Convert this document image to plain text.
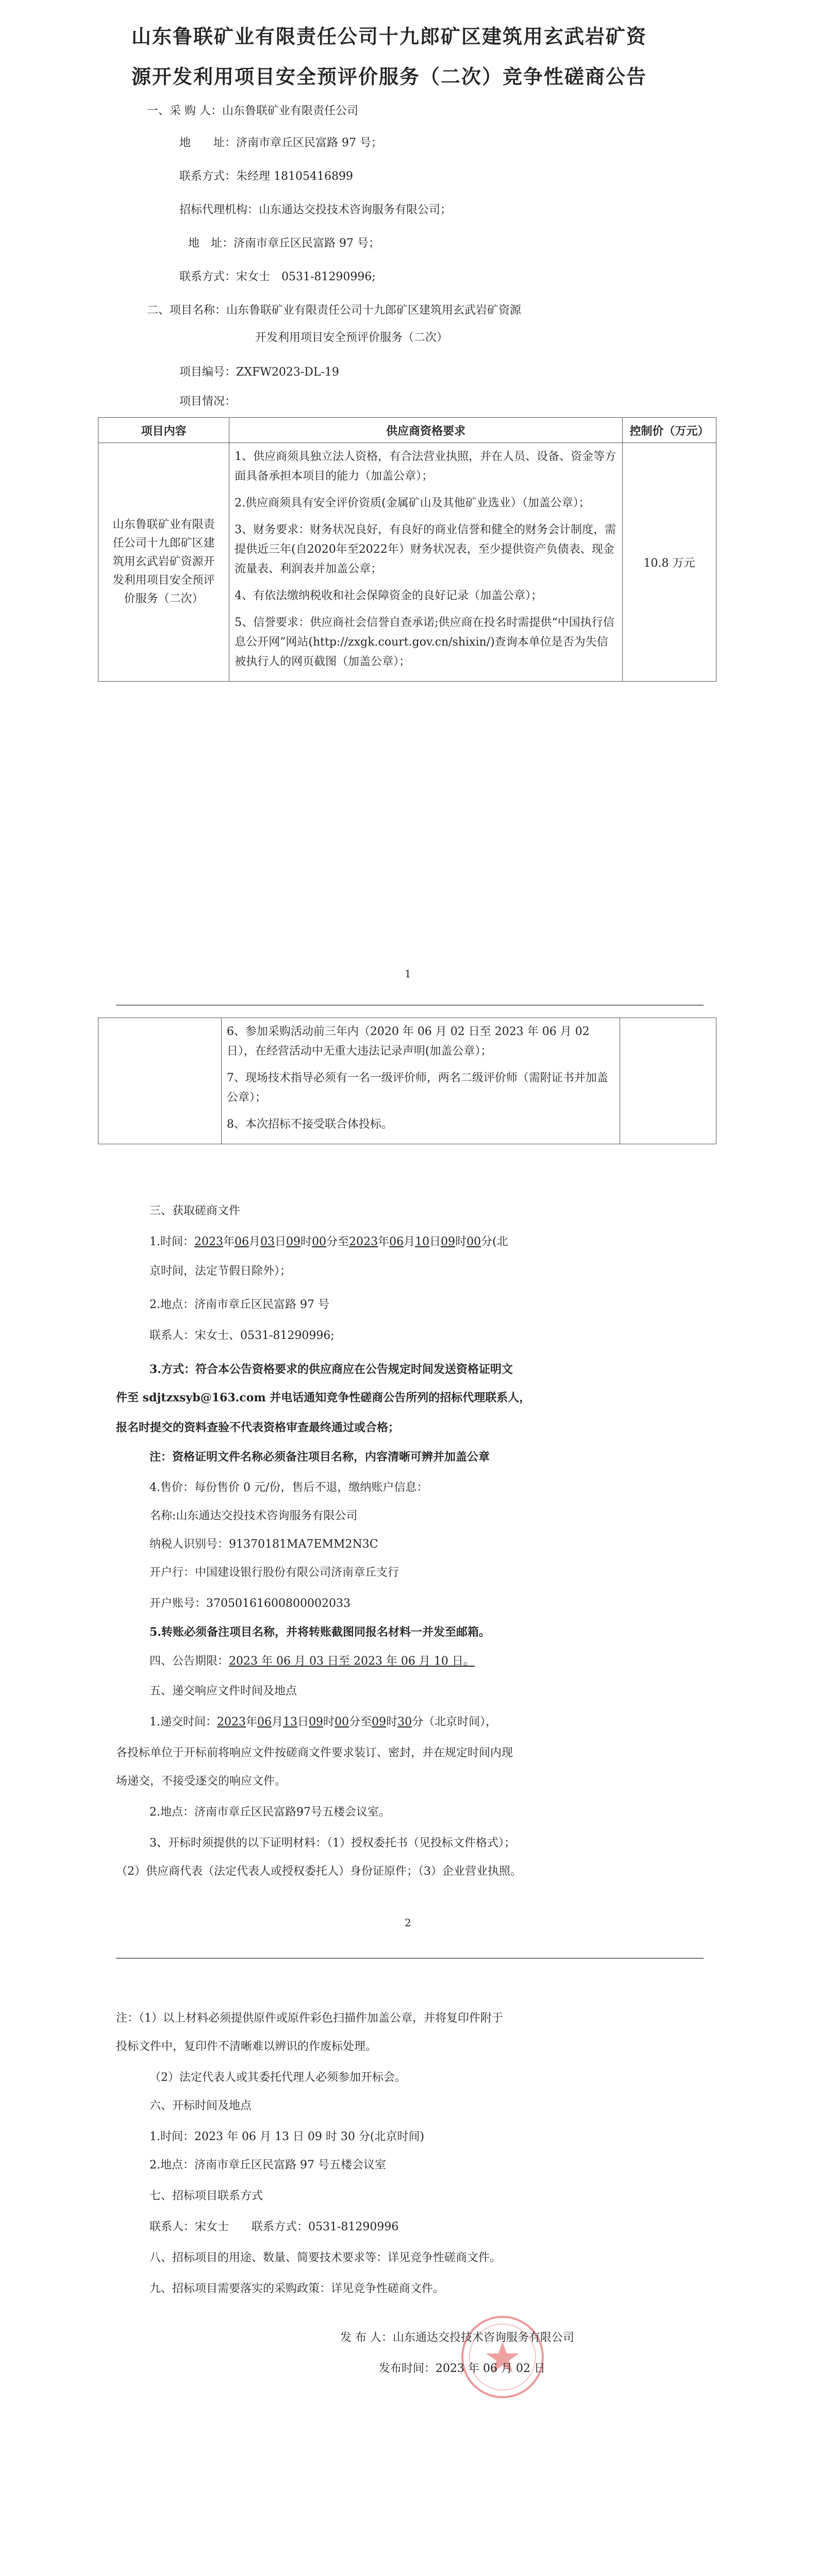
山东鲁联矿业有限责任公司十九郎矿区建筑用玄武岩矿资
源开发利用项目安全预评价服务（二次）竞争性磋商公告
一、采 购 人：山东鲁联矿业有限责任公司
地　　址：济南市章丘区民富路 97 号；
联系方式：朱经理 18105416899
招标代理机构：山东通达交投技术咨询服务有限公司；
地　址：济南市章丘区民富路 97 号；
联系方式：宋女士　0531-81290996;
二、项目名称：山东鲁联矿业有限责任公司十九郎矿区建筑用玄武岩矿资源
开发利用项目安全预评价服务（二次）
项目编号：ZXFW2023-DL-19
项目情况：
项目内容	供应商资格要求	控制价（万元）
山东鲁联矿业有限责任公司十九郎矿区建筑用玄武岩矿资源开发利用项目安全预评价服务（二次）	1、供应商须具独立法人资格，有合法营业执照，并在人员、设备、资金等方面具备承担本项目的能力（加盖公章）；
2.供应商须具有安全评价资质(金属矿山及其他矿业选业）（加盖公章）；
3、财务要求：财务状况良好，有良好的商业信誉和健全的财务会计制度，需提供近三年(自2020年至2022年）财务状况表，至少提供资产负债表、现金流量表、利润表并加盖公章；
4、有依法缴纳税收和社会保障资金的良好记录（加盖公章）；
5、信誉要求：供应商社会信誉自查承诺;供应商在投名时需提供“中国执行信息公开网”网站(http://zxgk.court.gov.cn/shixin/)查询本单位是否为失信被执行人的网页截图（加盖公章）；	10.8 万元
1

6、参加采购活动前三年内（2020 年 06 月 02 日至 2023 年 06 月 02 日），在经营活动中无重大违法记录声明(加盖公章）；
7、现场技术指导必须有一名一级评价师，两名二级评价师（需附证书并加盖公章）；
8、本次招标不接受联合体投标。

三、获取磋商文件
1.时间：2023年06月03日09时00分至2023年06月10日09时00分(北
京时间，法定节假日除外）；
2.地点：济南市章丘区民富路 97 号
联系人：宋女士、0531-81290996;
3.方式：符合本公告资格要求的供应商应在公告规定时间发送资格证明文
件至 sdjtzxsyb@163.com 并电话通知竞争性磋商公告所列的招标代理联系人，
报名时提交的资料查验不代表资格审查最终通过或合格；
注：资格证明文件名称必须备注项目名称，内容清晰可辨并加盖公章
4.售价：每份售价 0 元/份，售后不退，缴纳账户信息：
名称:山东通达交投技术咨询服务有限公司
纳税人识别号：91370181MA7EMM2N3C
开户行：中国建设银行股份有限公司济南章丘支行
开户账号：37050161600800002033
5.转账必须备注项目名称，并将转账截图同报名材料一并发至邮箱。
四、公告期限：2023 年 06 月 03 日至 2023 年 06 月 10 日。
五、递交响应文件时间及地点
1.递交时间：2023年06月13日09时00分至09时30分（北京时间），
各投标单位于开标前将响应文件按磋商文件要求装订、密封，并在规定时间内现
场递交，不接受逐交的响应文件。
2.地点：济南市章丘区民富路97号五楼会议室。
3、开标时须提供的以下证明材料：（1）授权委托书（见投标文件格式）；
（2）供应商代表（法定代表人或授权委托人）身份证原件；（3）企业营业执照。
2
注：（1）以上材料必须提供原件或原件彩色扫描件加盖公章，并将复印件附于
投标文件中，复印件不清晰难以辨识的作废标处理。
（2）法定代表人或其委托代理人必须参加开标会。
六、开标时间及地点
1.时间：2023 年 06 月 13 日 09 时 30 分(北京时间)
2.地点：济南市章丘区民富路 97 号五楼会议室
七、招标项目联系方式
联系人：宋女士　　联系方式：0531-81290996
八、招标项目的用途、数量、简要技术要求等：详见竞争性磋商文件。
九、招标项目需要落实的采购政策：详见竞争性磋商文件。
发 布 人：山东通达交投技术咨询服务有限公司
发布时间：2023 年 06 月 02 日
